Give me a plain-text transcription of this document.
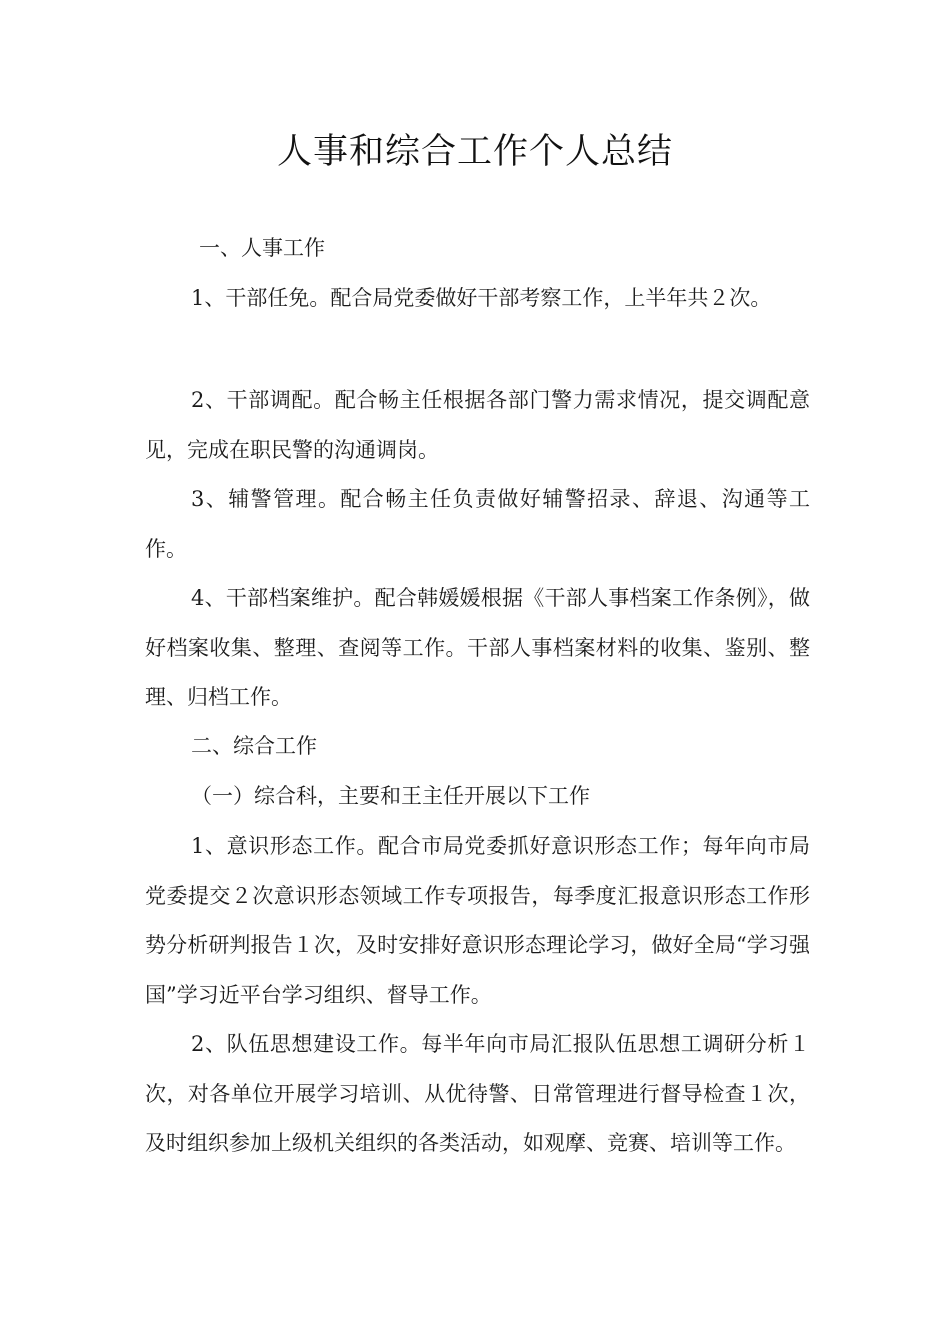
人事和综合工作个人总结

一、人事工作

1、干部任免。配合局党委做好干部考察工作，上半年共２次。

2、干部调配。配合畅主任根据各部门警力需求情况，提交调配意见，完成在职民警的沟通调岗。

3、辅警管理。配合畅主任负责做好辅警招录、辞退、沟通等工作。

4、干部档案维护。配合韩媛媛根据《干部人事档案工作条例》，做好档案收集、整理、查阅等工作。干部人事档案材料的收集、鉴别、整理、归档工作。

二、综合工作

（一）综合科，主要和王主任开展以下工作

1、意识形态工作。配合市局党委抓好意识形态工作；每年向市局党委提交２次意识形态领域工作专项报告，每季度汇报意识形态工作形势分析研判报告１次，及时安排好意识形态理论学习，做好全局“学习强国”学习近平台学习组织、督导工作。

2、队伍思想建设工作。每半年向市局汇报队伍思想工调研分析１次，对各单位开展学习培训、从优待警、日常管理进行督导检查１次，及时组织参加上级机关组织的各类活动，如观摩、竞赛、培训等工作。
